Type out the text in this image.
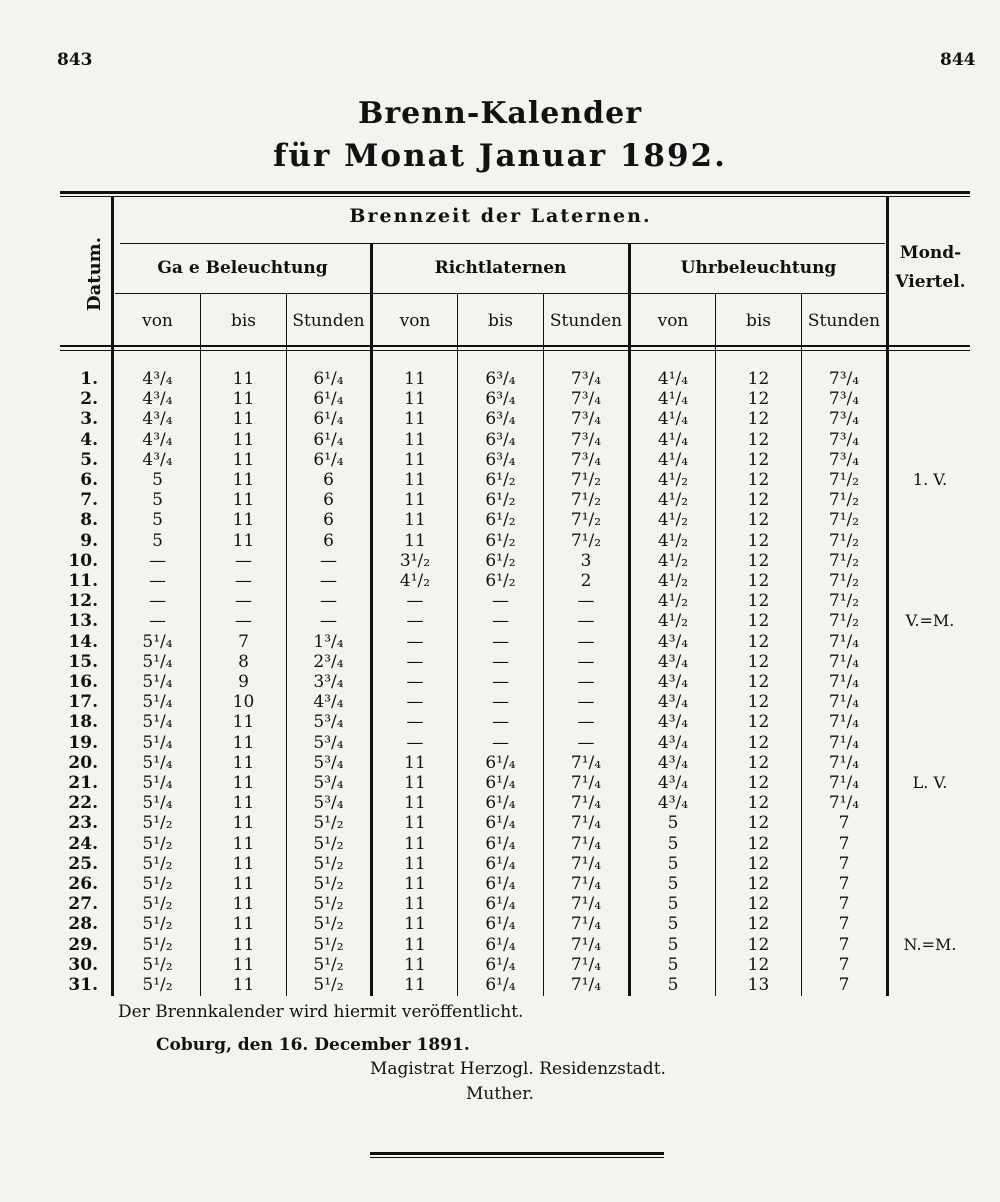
843	844
Brenn-Kalender
für Monat Januar 1892.
Brennzeit der Laternen.
Datum.	Mond-
Viertel.
Ga e Beleuchtung	Richtlaternen	Uhrbeleuchtung
von	bis	Stunden	von	bis	Stunden	von	bis	Stunden
1.	4³/₄	11	6¹/₄	11	6³/₄	7³/₄	4¹/₄	12	7³/₄
2.	4³/₄	11	6¹/₄	11	6³/₄	7³/₄	4¹/₄	12	7³/₄
3.	4³/₄	11	6¹/₄	11	6³/₄	7³/₄	4¹/₄	12	7³/₄
4.	4³/₄	11	6¹/₄	11	6³/₄	7³/₄	4¹/₄	12	7³/₄
5.	4³/₄	11	6¹/₄	11	6³/₄	7³/₄	4¹/₄	12	7³/₄
6.	5	11	6	11	6¹/₂	7¹/₂	4¹/₂	12	7¹/₂	1. V.
7.	5	11	6	11	6¹/₂	7¹/₂	4¹/₂	12	7¹/₂
8.	5	11	6	11	6¹/₂	7¹/₂	4¹/₂	12	7¹/₂
9.	5	11	6	11	6¹/₂	7¹/₂	4¹/₂	12	7¹/₂
10.	—	—	—	3¹/₂	6¹/₂	3	4¹/₂	12	7¹/₂
11.	—	—	—	4¹/₂	6¹/₂	2	4¹/₂	12	7¹/₂
12.	—	—	—	—	—	—	4¹/₂	12	7¹/₂
13.	—	—	—	—	—	—	4¹/₂	12	7¹/₂	V.=M.
14.	5¹/₄	7	1³/₄	—	—	—	4³/₄	12	7¹/₄
15.	5¹/₄	8	2³/₄	—	—	—	4³/₄	12	7¹/₄
16.	5¹/₄	9	3³/₄	—	—	—	4³/₄	12	7¹/₄
17.	5¹/₄	10	4³/₄	—	—	—	4³/₄	12	7¹/₄
18.	5¹/₄	11	5³/₄	—	—	—	4³/₄	12	7¹/₄
19.	5¹/₄	11	5³/₄	—	—	—	4³/₄	12	7¹/₄
20.	5¹/₄	11	5³/₄	11	6¹/₄	7¹/₄	4³/₄	12	7¹/₄
21.	5¹/₄	11	5³/₄	11	6¹/₄	7¹/₄	4³/₄	12	7¹/₄	L. V.
22.	5¹/₄	11	5³/₄	11	6¹/₄	7¹/₄	4³/₄	12	7¹/₄
23.	5¹/₂	11	5¹/₂	11	6¹/₄	7¹/₄	5	12	7
24.	5¹/₂	11	5¹/₂	11	6¹/₄	7¹/₄	5	12	7
25.	5¹/₂	11	5¹/₂	11	6¹/₄	7¹/₄	5	12	7
26.	5¹/₂	11	5¹/₂	11	6¹/₄	7¹/₄	5	12	7
27.	5¹/₂	11	5¹/₂	11	6¹/₄	7¹/₄	5	12	7
28.	5¹/₂	11	5¹/₂	11	6¹/₄	7¹/₄	5	12	7
29.	5¹/₂	11	5¹/₂	11	6¹/₄	7¹/₄	5	12	7	N.=M.
30.	5¹/₂	11	5¹/₂	11	6¹/₄	7¹/₄	5	12	7
31.	5¹/₂	11	5¹/₂	11	6¹/₄	7¹/₄	5	13	7
Der Brennkalender wird hiermit veröffentlicht.
Coburg, den 16. December 1891.
Magistrat Herzogl. Residenzstadt.
Muther.
